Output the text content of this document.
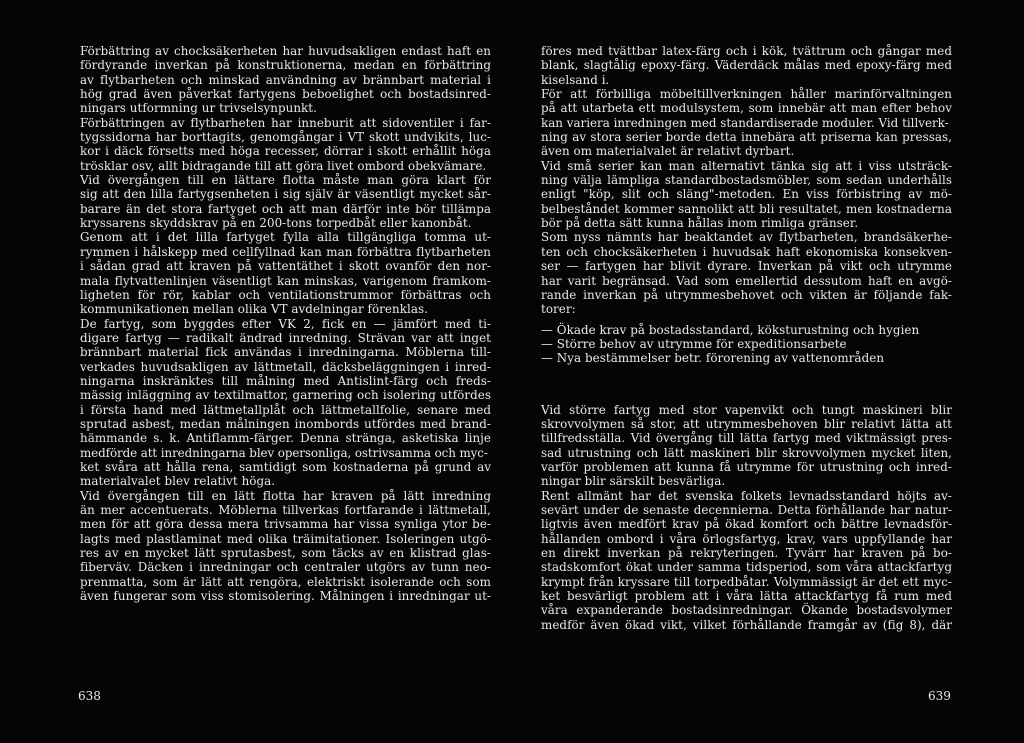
Förbättring av chocksäkerheten har huvudsakligen endast haft en
fördyrande inverkan på konstruktionerna, medan en förbättring
av flytbarheten och minskad användning av brännbart material i
hög grad även påverkat fartygens beboelighet och bostadsinred-
ningars utformning ur trivselsynpunkt.
Förbättringen av flytbarheten har inneburit att sidoventiler i far-
tygssidorna har borttagits, genomgångar i VT skott undvikits, luc-
kor i däck försetts med höga recesser, dörrar i skott erhållit höga
trösklar osv, allt bidragande till att göra livet ombord obekvämare.
Vid övergången till en lättare flotta måste man göra klart för
sig att den lilla fartygsenheten i sig själv är väsentligt mycket sår-
barare än det stora fartyget och att man därför inte bör tillämpa
kryssarens skyddskrav på en 200-tons torpedbåt eller kanonbåt.
Genom att i det lilla fartyget fylla alla tillgängliga tomma ut-
rymmen i hålskepp med cellfyllnad kan man förbättra flytbarheten
i sådan grad att kraven på vattentäthet i skott ovanför den nor-
mala flytvattenlinjen väsentligt kan minskas, varigenom framkom-
ligheten för rör, kablar och ventilationstrummor förbättras och
kommunikationen mellan olika VT avdelningar förenklas.
De fartyg, som byggdes efter VK 2, fick en — jämfört med ti-
digare fartyg — radikalt ändrad inredning. Strävan var att inget
brännbart material fick användas i inredningarna. Möblerna till-
verkades huvudsakligen av lättmetall, däcksbeläggningen i inred-
ningarna inskränktes till målning med Antislint-färg och freds-
mässig inläggning av textilmattor, garnering och isolering utfördes
i första hand med lättmetallplåt och lättmetallfolie, senare med
sprutad asbest, medan målningen inombords utfördes med brand-
hämmande s. k. Antiflamm-färger. Denna stränga, asketiska linje
medförde att inredningarna blev opersonliga, ostrivsamma och myc-
ket svåra att hålla rena, samtidigt som kostnaderna på grund av
materialvalet blev relativt höga.
Vid övergången till en lätt flotta har kraven på lätt inredning
än mer accentuerats. Möblerna tillverkas fortfarande i lättmetall,
men för att göra dessa mera trivsamma har vissa synliga ytor be-
lagts med plastlaminat med olika träimitationer. Isoleringen utgö-
res av en mycket lätt sprutasbest, som täcks av en klistrad glas-
fiberväv. Däcken i inredningar och centraler utgörs av tunn neo-
prenmatta, som är lätt att rengöra, elektriskt isolerande och som
även fungerar som viss stomisolering. Målningen i inredningar ut-
638
föres med tvättbar latex-färg och i kök, tvättrum och gångar med
blank, slagtålig epoxy-färg. Väderdäck målas med epoxy-färg med
kiselsand i.
För att förbilliga möbeltillverkningen håller marinförvaltningen
på att utarbeta ett modulsystem, som innebär att man efter behov
kan variera inredningen med standardiserade moduler. Vid tillverk-
ning av stora serier borde detta innebära att priserna kan pressas,
även om materialvalet är relativt dyrbart.
Vid små serier kan man alternativt tänka sig att i viss utsträck-
ning välja lämpliga standardbostadsmöbler, som sedan underhålls
enligt "köp, slit och släng"-metoden. En viss förbistring av mö-
belbeståndet kommer sannolikt att bli resultatet, men kostnaderna
bör på detta sätt kunna hållas inom rimliga gränser.
Som nyss nämnts har beaktandet av flytbarheten, brandsäkerhe-
ten och chocksäkerheten i huvudsak haft ekonomiska konsekven-
ser — fartygen har blivit dyrare. Inverkan på vikt och utrymme
har varit begränsad. Vad som emellertid dessutom haft en avgö-
rande inverkan på utrymmesbehovet och vikten är följande fak-
torer:
— Ökade krav på bostadsstandard, köksturustning och hygien
— Större behov av utrymme för expeditionsarbete
— Nya bestämmelser betr. förorening av vattenområden
Vid större fartyg med stor vapenvikt och tungt maskineri blir
skrovvolymen så stor, att utrymmesbehoven blir relativt lätta att
tillfredsställa. Vid övergång till lätta fartyg med viktmässigt pres-
sad utrustning och lätt maskineri blir skrovvolymen mycket liten,
varför problemen att kunna få utrymme för utrustning och inred-
ningar blir särskilt besvärliga.
Rent allmänt har det svenska folkets levnadsstandard höjts av-
sevärt under de senaste decennierna. Detta förhållande har natur-
ligtvis även medfört krav på ökad komfort och bättre levnadsför-
hållanden ombord i våra örlogsfartyg, krav, vars uppfyllande har
en direkt inverkan på rekryteringen. Tyvärr har kraven på bo-
stadskomfort ökat under samma tidsperiod, som våra attackfartyg
krympt från kryssare till torpedbåtar. Volymmässigt är det ett myc-
ket besvärligt problem att i våra lätta attackfartyg få rum med
våra expanderande bostadsinredningar. Ökande bostadsvolymer
medför även ökad vikt, vilket förhållande framgår av (fig 8), där
639
